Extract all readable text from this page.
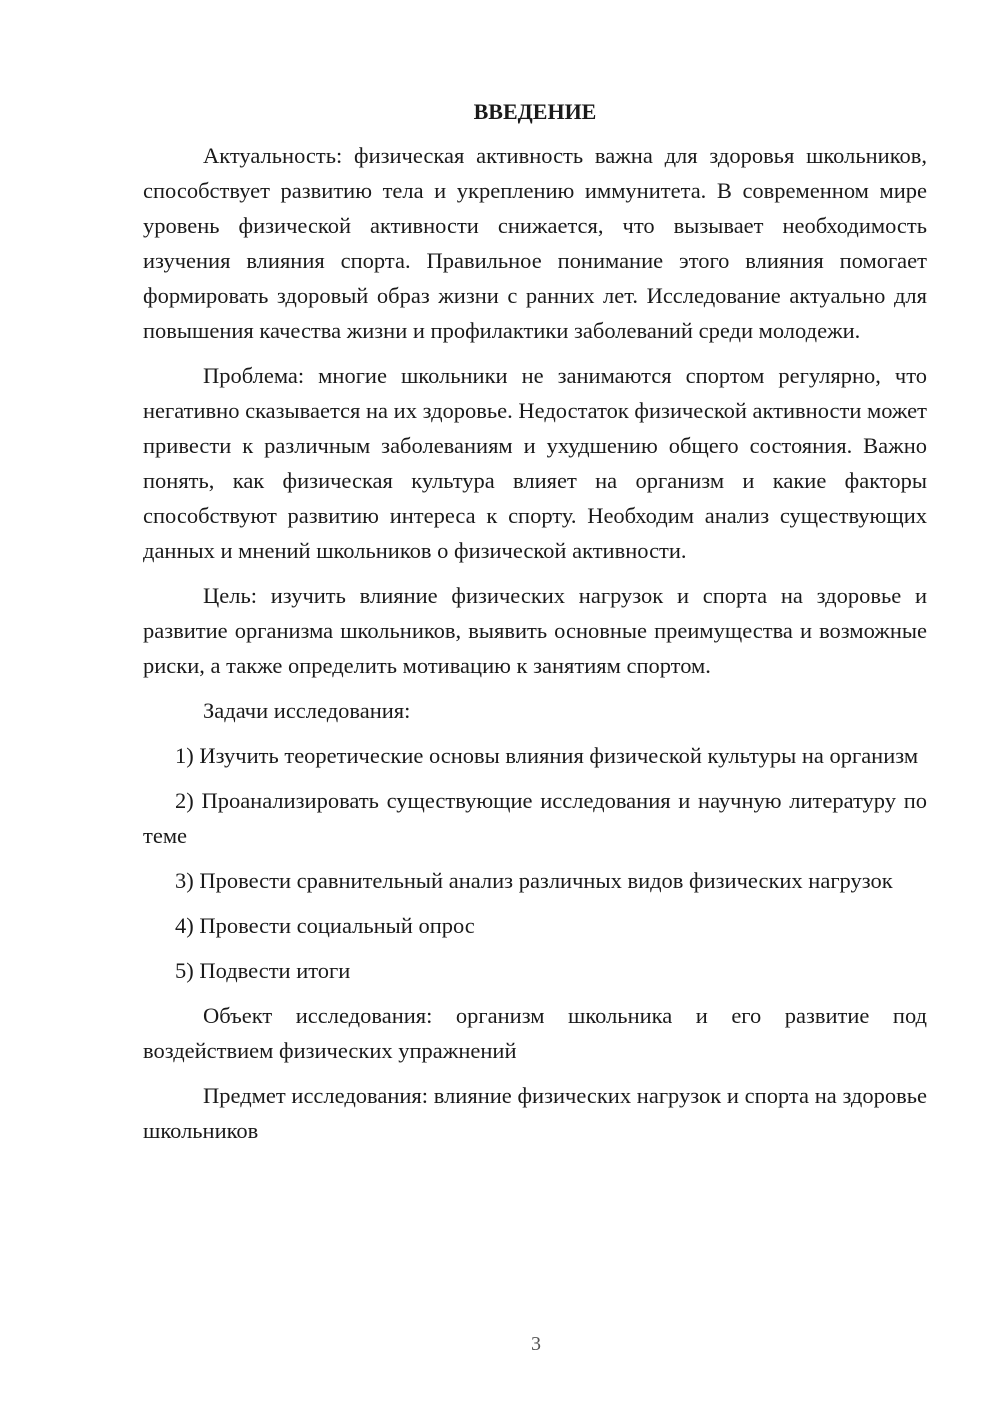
ВВЕДЕНИЕ

Актуальность: физическая активность важна для здоровья школьников, способствует развитию тела и укреплению иммунитета. В современном мире уровень физической активности снижается, что вызывает необходимость изучения влияния спорта. Правильное понимание этого влияния помогает формировать здоровый образ жизни с ранних лет. Исследование актуально для повышения качества жизни и профилактики заболеваний среди молодежи.

Проблема: многие школьники не занимаются спортом регулярно, что негативно сказывается на их здоровье. Недостаток физической активности может привести к различным заболеваниям и ухудшению общего состояния. Важно понять, как физическая культура влияет на организм и какие факторы способствуют развитию интереса к спорту. Необходим анализ существующих данных и мнений школьников о физической активности.

Цель: изучить влияние физических нагрузок и спорта на здоровье и развитие организма школьников, выявить основные преимущества и возможные риски, а также определить мотивацию к занятиям спортом.

Задачи исследования:

1) Изучить теоретические основы влияния физической культуры на организм

2) Проанализировать существующие исследования и научную литературу по теме

3) Провести сравнительный анализ различных видов физических нагрузок

4) Провести социальный опрос

5) Подвести итоги

Объект исследования: организм школьника и его развитие под воздействием физических упражнений

Предмет исследования: влияние физических нагрузок и спорта на здоровье школьников

3
